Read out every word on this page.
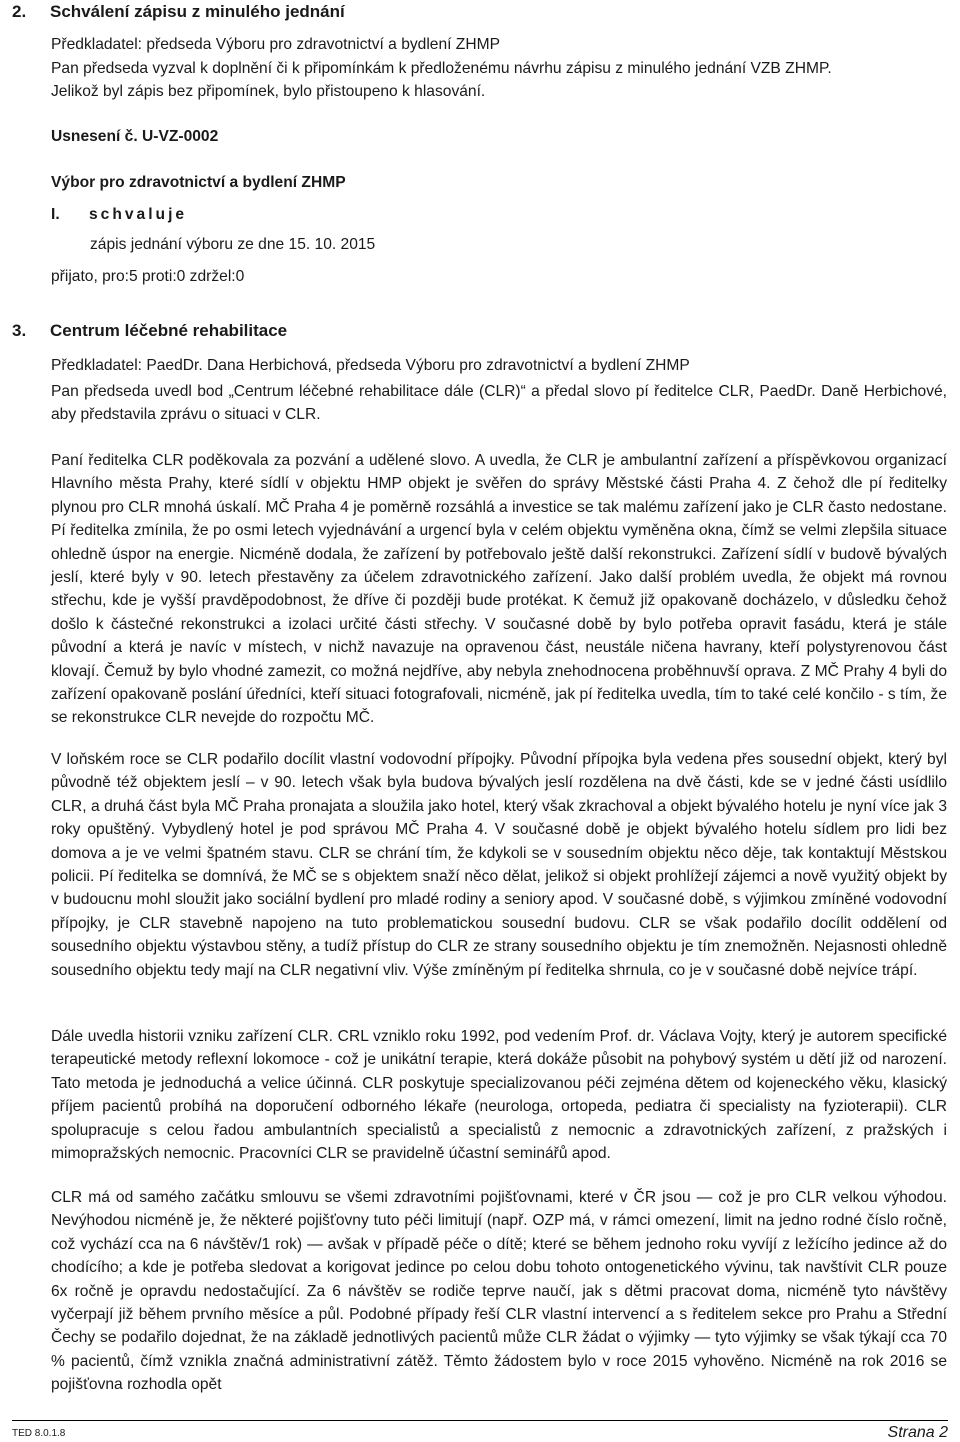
2. Schválení zápisu z minulého jednání

Předkladatel: předseda Výboru pro zdravotnictví a bydlení ZHMP

Pan předseda vyzval k doplnění či k připomínkám k předloženému návrhu zápisu z minulého jednání VZB ZHMP.

Jelikož byl zápis bez připomínek, bylo přistoupeno k hlasování.

Usnesení č. U-VZ-0002

Výbor pro zdravotnictví a bydlení ZHMP

I. schvaluje

zápis jednání výboru ze dne 15. 10. 2015

přijato, pro:5 proti:0 zdržel:0

3. Centrum léčebné rehabilitace

Předkladatel: PaedDr. Dana Herbichová, předseda Výboru pro zdravotnictví a bydlení ZHMP

Pan předseda uvedl bod „Centrum léčebné rehabilitace dále (CLR)“ a předal slovo pí ředitelce CLR, PaedDr. Daně Herbichové, aby představila zprávu o situaci v CLR.

Paní ředitelka CLR poděkovala za pozvání a udělené slovo. A uvedla, že CLR je ambulantní zařízení a příspěvkovou organizací Hlavního města Prahy, které sídlí v objektu HMP objekt je svěřen do správy Městské části Praha 4. Z čehož dle pí ředitelky plynou pro CLR mnohá úskalí. MČ Praha 4 je poměrně rozsáhlá a investice se tak malému zařízení jako je CLR často nedostane. Pí ředitelka zmínila, že po osmi letech vyjednávání a urgencí byla v celém objektu vyměněna okna, čímž se velmi zlepšila situace ohledně úspor na energie. Nicméně dodala, že zařízení by potřebovalo ještě další rekonstrukci. Zařízení sídlí v budově bývalých jeslí, které byly v 90. letech přestavěny za účelem zdravotnického zařízení. Jako další problém uvedla, že objekt má rovnou střechu, kde je vyšší pravděpodobnost, že dříve či později bude protékat. K čemuž již opakovaně docházelo, v důsledku čehož došlo k částečné rekonstrukci a izolaci určité části střechy. V současné době by bylo potřeba opravit fasádu, která je stále původní a která je navíc v místech, v nichž navazuje na opravenou část, neustále ničena havrany, kteří polystyrenovou část klovají. Čemuž by bylo vhodné zamezit, co možná nejdříve, aby nebyla znehodnocena proběhnuvší oprava. Z MČ Prahy 4 byli do zařízení opakovaně poslání úředníci, kteří situaci fotografovali, nicméně, jak pí ředitelka uvedla, tím to také celé končilo - s tím, že se rekonstrukce CLR nevejde do rozpočtu MČ.

V loňském roce se CLR podařilo docílit vlastní vodovodní přípojky. Původní přípojka byla vedena přes sousední objekt, který byl původně též objektem jeslí – v 90. letech však byla budova bývalých jeslí rozdělena na dvě části, kde se v jedné části usídlilo CLR, a druhá část byla MČ Praha pronajata a sloužila jako hotel, který však zkrachoval a objekt bývalého hotelu je nyní více jak 3 roky opuštěný. Vybydlený hotel je pod správou MČ Praha 4. V současné době je objekt bývalého hotelu sídlem pro lidi bez domova a je ve velmi špatném stavu. CLR se chrání tím, že kdykoli se v sousedním objektu něco děje, tak kontaktují Městskou policii. Pí ředitelka se domnívá, že MČ se s objektem snaží něco dělat, jelikož si objekt prohlížejí zájemci a nově využitý objekt by v budoucnu mohl sloužit jako sociální bydlení pro mladé rodiny a seniory apod. V současné době, s výjimkou zmíněné vodovodní přípojky, je CLR stavebně napojeno na tuto problematickou sousední budovu. CLR se však podařilo docílit oddělení od sousedního objektu výstavbou stěny, a tudíž přístup do CLR ze strany sousedního objektu je tím znemožněn. Nejasnosti ohledně sousedního objektu tedy mají na CLR negativní vliv. Výše zmíněným pí ředitelka shrnula, co je v současné době nejvíce trápí.

Dále uvedla historii vzniku zařízení CLR. CRL vzniklo roku 1992, pod vedením Prof. dr. Václava Vojty, který je autorem specifické terapeutické metody reflexní lokomoce - což je unikátní terapie, která dokáže působit na pohybový systém u dětí již od narození. Tato metoda je jednoduchá a velice účinná. CLR poskytuje specializovanou péči zejména dětem od kojeneckého věku, klasický příjem pacientů probíhá na doporučení odborného lékaře (neurologa, ortopeda, pediatra či specialisty na fyzioterapii). CLR spolupracuje s celou řadou ambulantních specialistů a specialistů z nemocnic a zdravotnických zařízení, z pražských i mimopražských nemocnic. Pracovníci CLR se pravidelně účastní seminářů apod.

CLR má od samého začátku smlouvu se všemi zdravotními pojišťovnami, které v ČR jsou — což je pro CLR velkou výhodou. Nevýhodou nicméně je, že některé pojišťovny tuto péči limitují (např. OZP má, v rámci omezení, limit na jedno rodné číslo ročně, což vychází cca na 6 návštěv/1 rok) — avšak v případě péče o dítě; které se během jednoho roku vyvíjí z ležícího jedince až do chodícího; a kde je potřeba sledovat a korigovat jedince po celou dobu tohoto ontogenetického vývinu, tak navštívit CLR pouze 6x ročně je opravdu nedostačující. Za 6 návštěv se rodiče teprve naučí, jak s dětmi pracovat doma, nicméně tyto návštěvy vyčerpají již během prvního měsíce a půl. Podobné případy řeší CLR vlastní intervencí a s ředitelem sekce pro Prahu a Střední Čechy se podařilo dojednat, že na základě jednotlivých pacientů může CLR žádat o výjimky — tyto výjimky se však týkají cca 70 % pacientů, čímž vznikla značná administrativní zátěž. Těmto žádostem bylo v roce 2015 vyhověno. Nicméně na rok 2016 se pojišťovna rozhodla opět

TED 8.0.1.8	Strana 2
